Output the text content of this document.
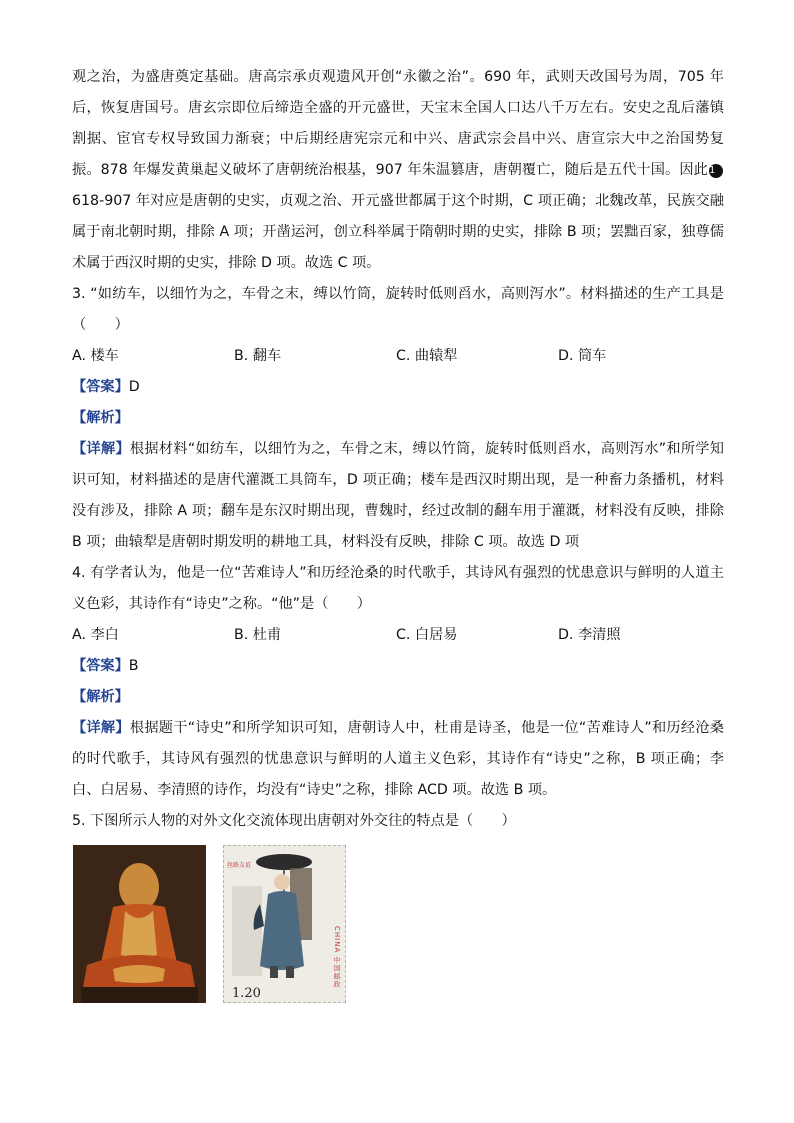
观之治，为盛唐奠定基础。唐高宗承贞观遗风开创“永徽之治”。690 年，武则天改国号为周，705 年后，恢复唐国号。唐玄宗即位后缔造全盛的开元盛世，天宝末全国人口达八千万左右。安史之乱后藩镇割据、宦官专权导致国力渐衰；中后期经唐宪宗元和中兴、唐武宗会昌中兴、唐宣宗大中之治国势复振。878 年爆发黄巢起义破坏了唐朝统治根基，907 年朱温篡唐，唐朝覆亡，随后是五代十国。因此1618-907 年对应是唐朝的史实，贞观之治、开元盛世都属于这个时期，C 项正确；北魏改革，民族交融属于南北朝时期，排除 A 项；开凿运河，创立科举属于隋朝时期的史实，排除 B 项；罢黜百家，独尊儒术属于西汉时期的史实，排除 D 项。故选 C 项。

3. “如纺车，以细竹为之，车骨之末，缚以竹筒，旋转时低则舀水，高则泻水”。材料描述的生产工具是（　　）

A. 楼车	B. 翻车	C. 曲辕犁	D. 筒车

【 答案 】 D

【 解析 】

【 详解 】 根据材料“如纺车，以细竹为之，车骨之末，缚以竹筒，旋转时低则舀水，高则泻水”和所学知识可知，材料描述的是唐代灌溉工具筒车，D 项正确；楼车是西汉时期出现，是一种畜力条播机，材料没有涉及，排除 A 项；翻车是东汉时期出现，曹魏时，经过改制的翻车用于灌溉，材料没有反映，排除 B 项；曲辕犁是唐朝时期发明的耕地工具，材料没有反映，排除 C 项。故选 D 项

4. 有学者认为，他是一位“苦难诗人”和历经沧桑的时代歌手，其诗风有强烈的忧患意识与鲜明的人道主义色彩，其诗作有“诗史”之称。“他”是（　　）

A. 李白	B. 杜甫	C. 白居易	D. 李清照

【 答案 】 B

【 解析 】

【 详解 】 根据题干“诗史”和所学知识可知，唐朝诗人中，杜甫是诗圣，他是一位“苦难诗人”和历经沧桑的时代歌手，其诗风有强烈的忧患意识与鲜明的人道主义色彩，其诗作有“诗史”之称，B 项正确；李白、白居易、李清照的诗作，均没有“诗史”之称，排除 ACD 项。故选 B 项。

5. 下图所示人物的对外文化交流体现出唐朝对外交往的特点是（　　）

丝路友谊
CHINA 中国邮政
1.20
